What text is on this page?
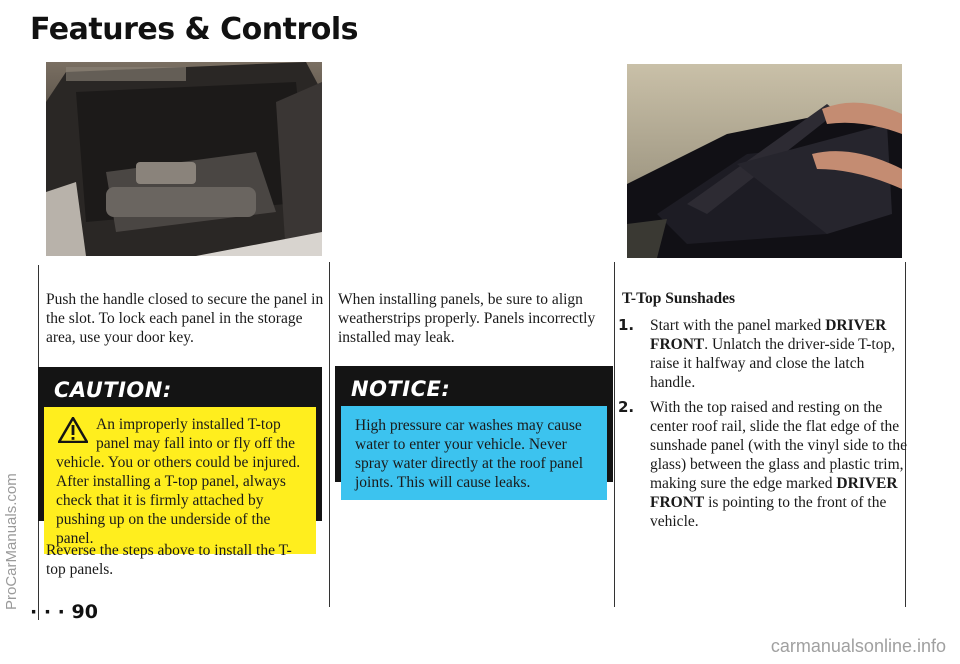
Features & Controls
ProCarManuals.com
carmanualsonline.info

Push the handle closed to secure the panel in the slot. To lock each panel in the storage area, use your door key.

CAUTION:
An improperly installed T-top panel may fall into or fly off the vehicle. You or others could be injured. After installing a T-top panel, always check that it is firmly attached by pushing up on the underside of the panel.

Reverse the steps above to install the T-top panels.

When installing panels, be sure to align weatherstrips properly. Panels incorrectly installed may leak.

NOTICE:
High pressure car washes may cause water to enter your vehicle. Never spray water directly at the roof panel joints. This will cause leaks.
T-Top Sunshades
1. Start with the panel marked DRIVER FRONT. Unlatch the driver-side T-top, raise it halfway and close the latch handle.
2. With the top raised and resting on the center roof rail, slide the flat edge of the sunshade panel (with the vinyl side to the glass) between the glass and plastic trim, making sure the edge marked DRIVER FRONT is pointing to the front of the vehicle.
· · · 90
